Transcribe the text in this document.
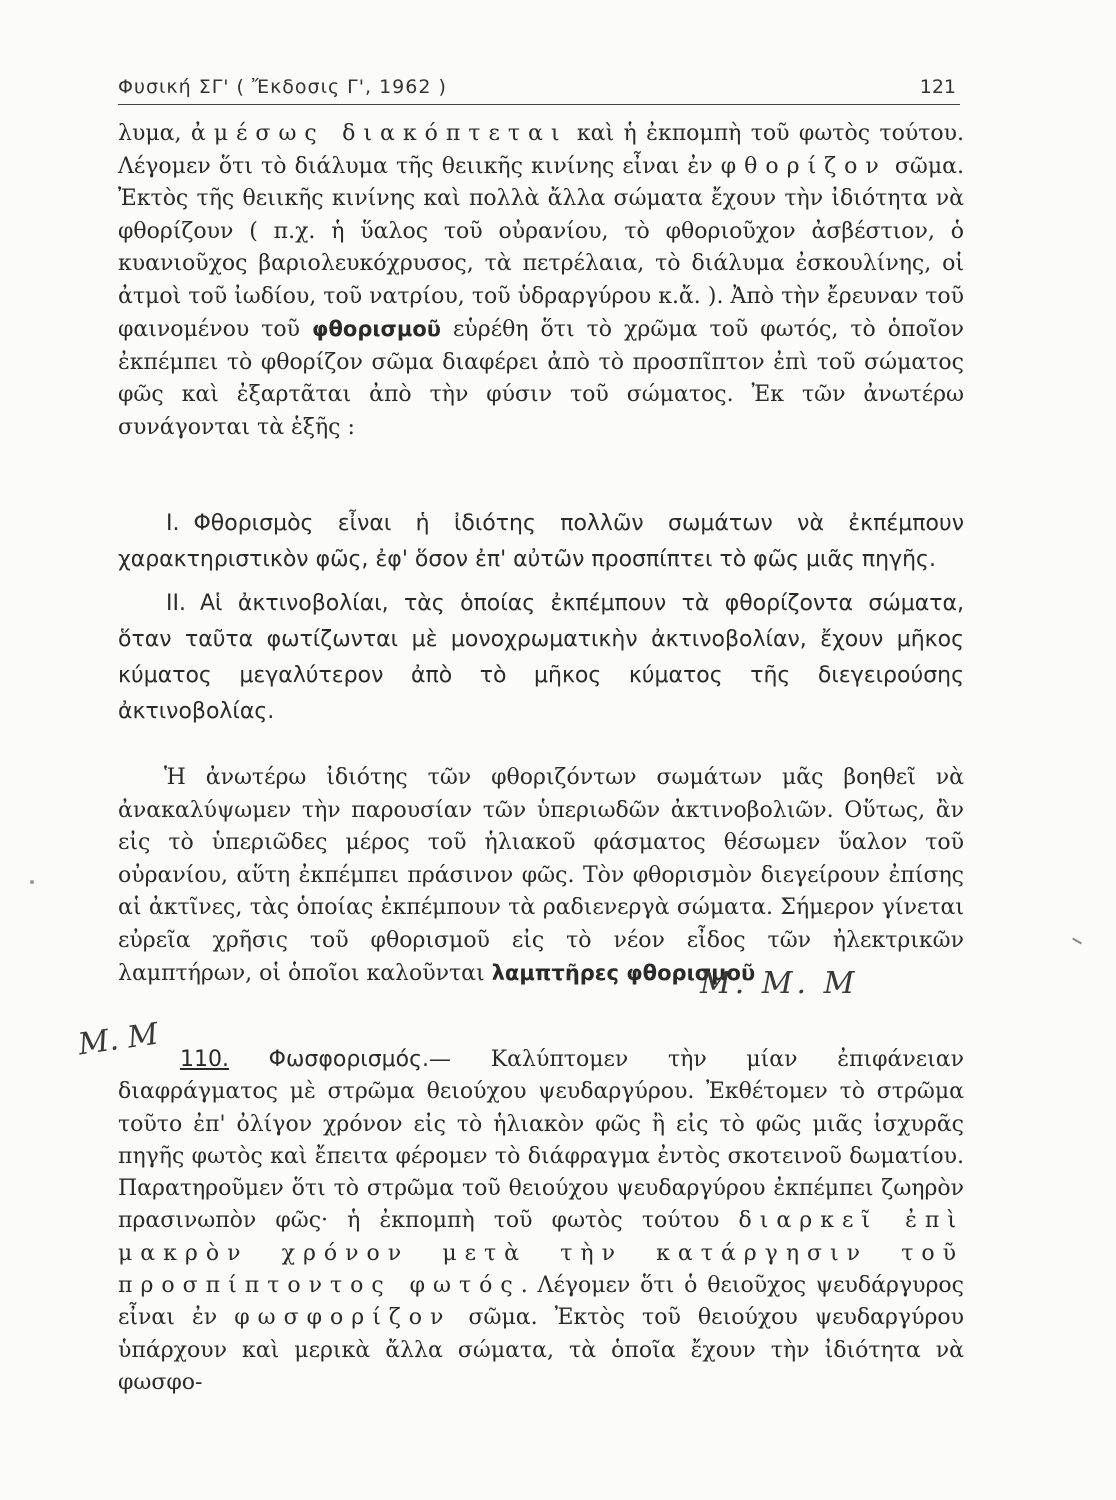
Φυσική ΣΓ' ( Ἔκδοσις Γ', 1962 )	121

λυμα, ἀμέσως διακόπτεται καὶ ἡ ἐκπομπὴ τοῦ φωτὸς τούτου. Λέγομεν ὅτι τὸ διάλυμα τῆς θειικῆς κινίνης εἶναι ἐν φθορίζον σῶμα. Ἐκτὸς τῆς θειικῆς κινίνης καὶ πολλὰ ἄλλα σώματα ἔχουν τὴν ἰδιότητα νὰ φθορίζουν ( π.χ. ἡ ὕαλος τοῦ οὐρανίου, τὸ φθοριοῦχον ἀσβέστιον, ὁ κυανιοῦχος βαριολευκόχρυσος, τὰ πετρέλαια, τὸ διάλυμα ἐσκουλίνης, οἱ ἀτμοὶ τοῦ ἰωδίου, τοῦ νατρίου, τοῦ ὑδραργύρου κ.ἄ. ). Ἀπὸ τὴν ἔρευναν τοῦ φαινομένου τοῦ φθορισμοῦ εὑρέθη ὅτι τὸ χρῶμα τοῦ φωτός, τὸ ὁποῖον ἐκπέμπει τὸ φθορίζον σῶμα διαφέρει ἀπὸ τὸ προσπῖπτον ἐπὶ τοῦ σώματος φῶς καὶ ἐξαρτᾶται ἀπὸ τὴν φύσιν τοῦ σώματος. Ἐκ τῶν ἀνωτέρω συνάγονται τὰ ἑξῆς :

I. Φθορισμὸς εἶναι ἡ ἰδιότης πολλῶν σωμάτων νὰ ἐκπέμπουν χαρακτηριστικὸν φῶς, ἐφ' ὅσον ἐπ' αὐτῶν προσπίπτει τὸ φῶς μιᾶς πηγῆς.

II. Αἱ ἀκτινοβολίαι, τὰς ὁποίας ἐκπέμπουν τὰ φθορίζοντα σώματα, ὅταν ταῦτα φωτίζωνται μὲ μονοχρωματικὴν ἀκτινοβολίαν, ἔχουν μῆκος κύματος μεγαλύτερον ἀπὸ τὸ μῆκος κύματος τῆς διεγειρούσης ἀκτινοβολίας.

Ἡ ἀνωτέρω ἰδιότης τῶν φθοριζόντων σωμάτων μᾶς βοηθεῖ νὰ ἀνακαλύψωμεν τὴν παρουσίαν τῶν ὑπεριωδῶν ἀκτινοβολιῶν. Οὕτως, ἂν εἰς τὸ ὑπεριῶδες μέρος τοῦ ἡλιακοῦ φάσματος θέσωμεν ὕαλον τοῦ οὐρανίου, αὕτη ἐκπέμπει πράσινον φῶς. Τὸν φθορισμὸν διεγείρουν ἐπίσης αἱ ἀκτῖνες, τὰς ὁποίας ἐκπέμπουν τὰ ραδιενεργὰ σώματα. Σήμερον γίνεται εὐρεῖα χρῆσις τοῦ φθορισμοῦ εἰς τὸ νέον εἶδος τῶν ἠλεκτρικῶν λαμπτήρων, οἱ ὁποῖοι καλοῦνται λαμπτῆρες φθορισμοῦ

110. Φωσφορισμός.— Καλύπτομεν τὴν μίαν ἐπιφάνειαν διαφράγματος μὲ στρῶμα θειούχου ψευδαργύρου. Ἐκθέτομεν τὸ στρῶμα τοῦτο ἐπ' ὀλίγον χρόνον εἰς τὸ ἡλιακὸν φῶς ἢ εἰς τὸ φῶς μιᾶς ἰσχυρᾶς πηγῆς φωτὸς καὶ ἔπειτα φέρομεν τὸ διάφραγμα ἐντὸς σκοτεινοῦ δωματίου. Παρατηροῦμεν ὅτι τὸ στρῶμα τοῦ θειούχου ψευδαργύρου ἐκπέμπει ζωηρὸν πρασινωπὸν φῶς· ἡ ἐκπομπὴ τοῦ φωτὸς τούτου διαρκεῖ ἐπὶ μακρὸν χρόνον μετὰ τὴν κατάργησιν τοῦ προσπίπτοντος φωτός. Λέγομεν ὅτι ὁ θειοῦχος ψευδάργυρος εἶναι ἐν φωσφορίζον σῶμα. Ἐκτὸς τοῦ θειούχου ψευδαργύρου ὑπάρχουν καὶ μερικὰ ἄλλα σώματα, τὰ ὁποῖα ἔχουν τὴν ἰδιότητα νὰ φωσφο-

M. M. M
M. M
